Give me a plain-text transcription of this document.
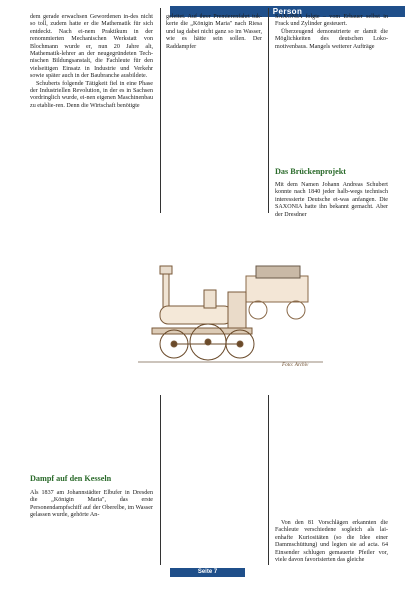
Person

dem gerade erwachsen Gewordenen in-des nicht so toll, zudem hatte er die Mathematik für sich entdeckt. Nach ei-nem Praktikum in der renommierten Mechanischen Werkstatt von Blochmann wurde er, nun 20 Jahre alt, Mathematik-lehrer an der neugegründeten Tech-nischen Bildungsanstalt, die Fachleute für den vielseitigen Einsatz in Industrie und Verkehr sowie später auch in der Baubranche ausbildete.

Schuberts folgende Tätigkeit fiel in eine Phase der Industriellen Revolution, in der es in Sachsen vordringlich wurde, ei-nen eigenen Maschinenbau zu etablie-ren. Denn die Wirtschaft benötigte

geleitet. Auf ihrer Premierenfahrt tuk-kerte die „Königin Maria" nach Riesa und tag dabei nicht ganz so im Wasser, wie es hätte sein sollen. Der Raddampfer

SAXONIA folgte – vom Erbauer selbst in Frack und Zylinder gesteuert.

Überzeugend demonstrierte er damit die Möglichkeiten des deutschen Loko-motivenbaus. Mangels weiterer Aufträge

Das Brückenprojekt

Mit dem Namen Johann Andreas Schubert konnte nach 1840 jeder halb-wegs technisch interessierte Deutsche et-was anfangen. Die SAXONIA hatte ihn bekannt gemacht. Aber der Dresdner

Foto: Archiv
Dampf auf den Kesseln

Als 1837 am Johannstädter Elbufer in Dresden die „Königin Maria", das erste Personendampfschiff auf der Oberelbe, im Wasser gelassen wurde, gehörte An-

Von den 81 Vorschlägen erkannten die Fachleute verschiedene sogleich als lai-enhafte Kuriositäten (so die Idee einer Dammschüttung) und legten sie ad acta. 64 Einsender schlugen gemauerte Pfeiler vor, viele davon favorisierten das gleiche

Seite 7
